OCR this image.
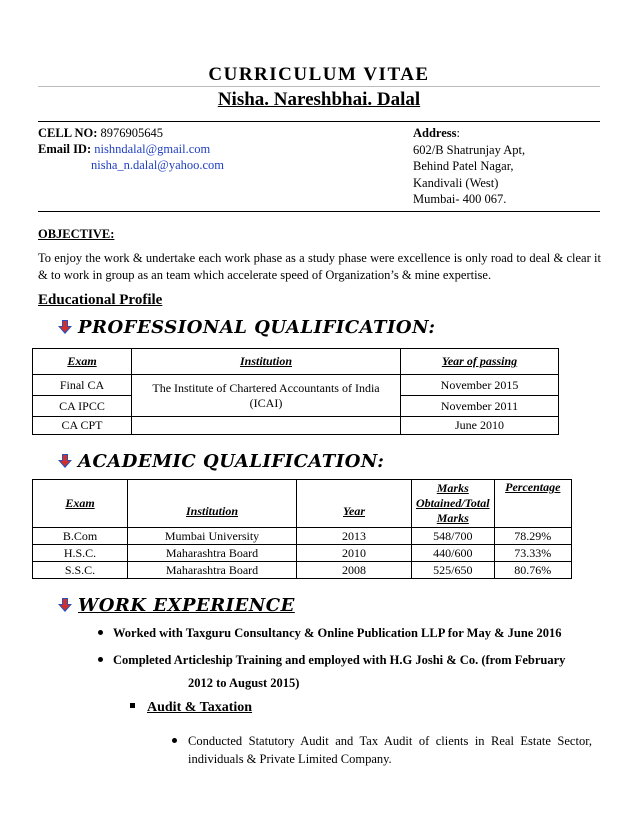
CURRICULUM VITAE
Nisha. Nareshbhai. Dalal
CELL NO: 8976905645
Email ID: nishndalal@gmail.com
nisha_n.dalal@yahoo.com
Address:
602/B Shatrunjay Apt,
Behind Patel Nagar,
Kandivali (West)
Mumbai- 400 067.
OBJECTIVE:
To enjoy the work & undertake each work phase as a study phase were excellence is only road to deal & clear it & to work in group as an team which accelerate speed of Organization’s & mine expertise.
Educational Profile
PROFESSIONAL QUALIFICATION:
Exam	Institution	Year of passing
Final CA	The Institute of Chartered Accountants of India (ICAI)	November 2015
CA IPCC		November 2011
CA CPT		June 2010
ACADEMIC QUALIFICATION:
Exam	Institution	Year	Marks Obtained/Total Marks	Percentage
B.Com	Mumbai University	2013	548/700	78.29%
H.S.C.	Maharashtra Board	2010	440/600	73.33%
S.S.C.	Maharashtra Board	2008	525/650	80.76%
WORK EXPERIENCE
Worked with Taxguru Consultancy & Online Publication LLP for May & June 2016
Completed Articleship Training and employed with H.G Joshi & Co. (from February
2012 to August 2015)
Audit & Taxation
Conducted Statutory Audit and Tax Audit of clients in Real Estate Sector, individuals & Private Limited Company.
